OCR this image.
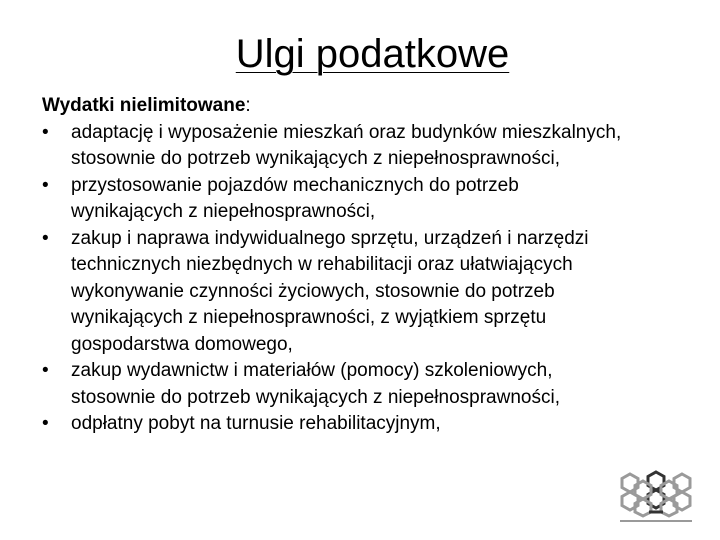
Ulgi podatkowe

Wydatki nielimitowane:

•	adaptację i wyposażenie mieszkań oraz budynków mieszkalnych,
stosownie do potrzeb wynikających z niepełnosprawności,
•	przystosowanie pojazdów mechanicznych do potrzeb
wynikających z niepełnosprawności,
•	zakup i naprawa indywidualnego sprzętu, urządzeń i narzędzi
technicznych niezbędnych w rehabilitacji oraz ułatwiających
wykonywanie czynności życiowych, stosownie do potrzeb
wynikających z niepełnosprawności, z wyjątkiem sprzętu
gospodarstwa domowego,
•	zakup wydawnictw i materiałów (pomocy) szkoleniowych,
stosownie do potrzeb wynikających z niepełnosprawności,
•	odpłatny pobyt na turnusie rehabilitacyjnym,
